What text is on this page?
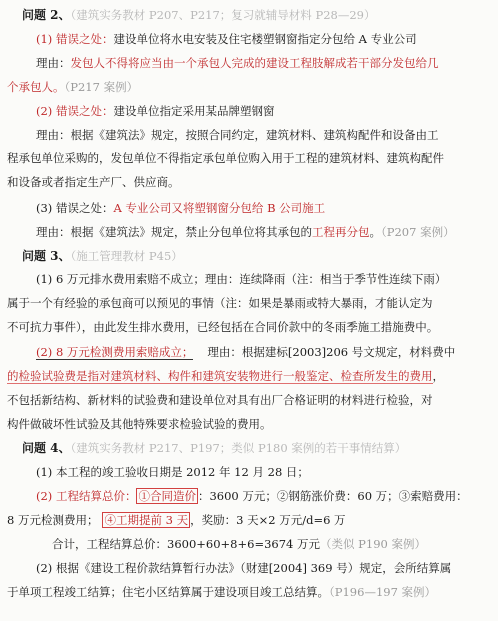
问题 2、（建筑实务教材 P207、P217；复习就辅导材料 P28—29）
(1) 错误之处：建设单位将水电安装及住宅楼塑钢窗指定分包给 A 专业公司
理由：发包人不得将应当由一个承包人完成的建设工程肢解成若干部分发包给几
个承包人。（P217 案例）
(2) 错误之处：建设单位指定采用某品牌塑钢窗
理由：根据《建筑法》规定，按照合同约定，建筑材料、建筑构配件和设备由工
程承包单位采购的，发包单位不得指定承包单位购入用于工程的建筑材料、建筑构配件
和设备或者指定生产厂、供应商。
(3) 错误之处：A 专业公司又将塑钢窗分包给 B 公司施工
理由：根据《建筑法》规定，禁止分包单位将其承包的工程再分包。（P207 案例）
问题 3、（施工管理教材 P45）
(1) 6 万元排水费用索赔不成立；理由：连续降雨（注：相当于季节性连续下雨）
属于一个有经验的承包商可以预见的事情（注：如果是暴雨或特大暴雨，才能认定为
不可抗力事件），由此发生排水费用，已经包括在合同价款中的冬雨季施工措施费中。
(2) 8 万元检测费用索赔成立； 理由：根据建标[2003]206 号文规定，材料费中
的检验试验费是指对建筑材料、构件和建筑安装物进行一般鉴定、检查所发生的费用，
不包括新结构、新材料的试验费和建设单位对具有出厂合格证明的材料进行检验，对
构件做破坏性试验及其他特殊要求检验试验的费用。
问题 4、（建筑实务教材 P217、P197；类似 P180 案例的若干事情结算）
(1) 本工程的竣工验收日期是 2012 年 12 月 28 日；
(2) 工程结算总价： ①合同造价 ：3600 万元；②钢筋涨价费：60 万；③索赔费用：
8 万元检测费用； ④工期提前 3 天 ，奖励：3 天×2 万元/d=6 万
合计，工程结算总价：3600+60+8+6=3674 万元（类似 P190 案例）
(2) 根据《建设工程价款结算暂行办法》（财建[2004] 369 号）规定，会所结算属
于单项工程竣工结算；住宅小区结算属于建设项目竣工总结算。（P196—197 案例）
